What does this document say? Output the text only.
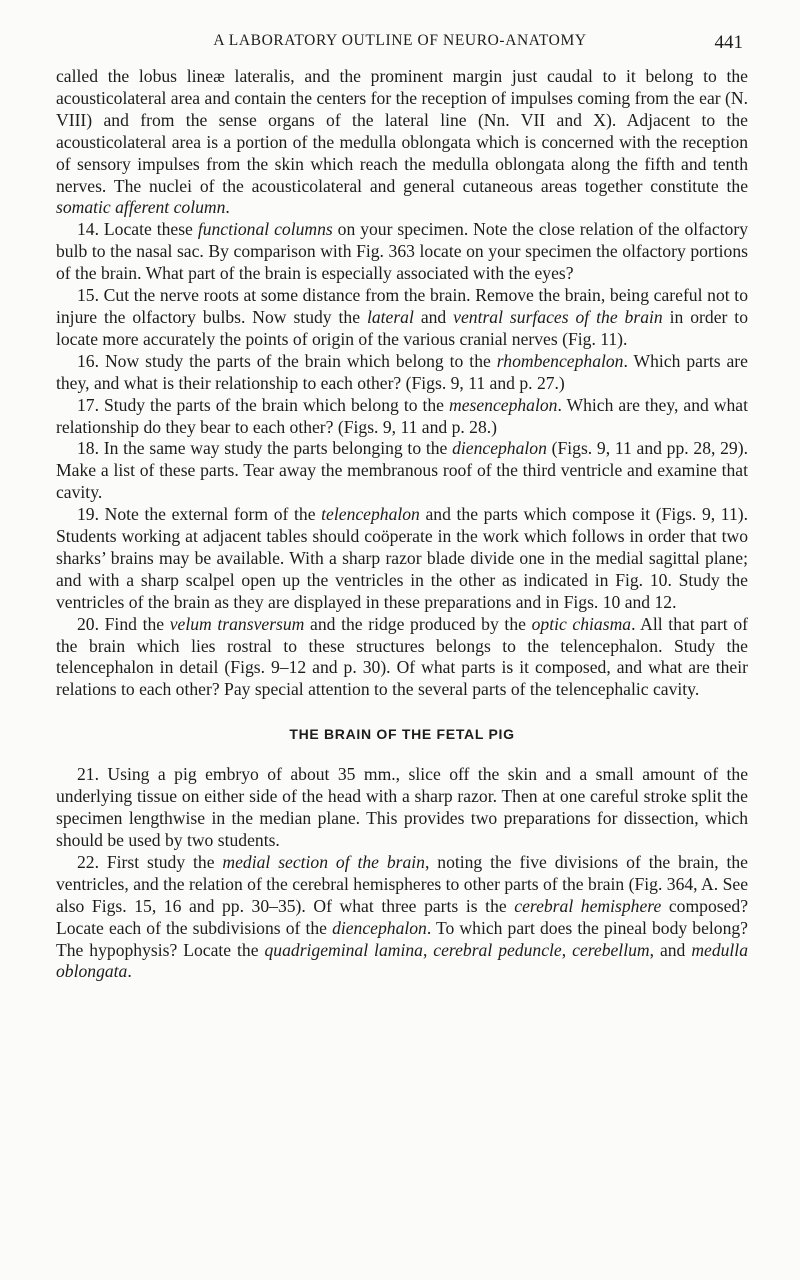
A LABORATORY OUTLINE OF NEURO-ANATOMY	441

called the lobus lineæ lateralis, and the prominent margin just caudal to it belong to the acousticolateral area and contain the centers for the reception of impulses coming from the ear (N. VIII) and from the sense organs of the lateral line (Nn. VII and X). Adjacent to the acousticolateral area is a portion of the medulla oblongata which is concerned with the reception of sensory impulses from the skin which reach the medulla oblongata along the fifth and tenth nerves. The nuclei of the acousticolateral and general cutaneous areas together constitute the somatic afferent column.

14. Locate these functional columns on your specimen. Note the close relation of the olfactory bulb to the nasal sac. By comparison with Fig. 363 locate on your specimen the olfactory portions of the brain. What part of the brain is especially associated with the eyes?

15. Cut the nerve roots at some distance from the brain. Remove the brain, being careful not to injure the olfactory bulbs. Now study the lateral and ventral surfaces of the brain in order to locate more accurately the points of origin of the various cranial nerves (Fig. 11).

16. Now study the parts of the brain which belong to the rhombencephalon. Which parts are they, and what is their relationship to each other? (Figs. 9, 11 and p. 27.)

17. Study the parts of the brain which belong to the mesencephalon. Which are they, and what relationship do they bear to each other? (Figs. 9, 11 and p. 28.)

18. In the same way study the parts belonging to the diencephalon (Figs. 9, 11 and pp. 28, 29). Make a list of these parts. Tear away the membranous roof of the third ventricle and examine that cavity.

19. Note the external form of the telencephalon and the parts which compose it (Figs. 9, 11). Students working at adjacent tables should coöperate in the work which follows in order that two sharks’ brains may be available. With a sharp razor blade divide one in the medial sagittal plane; and with a sharp scalpel open up the ventricles in the other as indicated in Fig. 10. Study the ventricles of the brain as they are displayed in these preparations and in Figs. 10 and 12.

20. Find the velum transversum and the ridge produced by the optic chiasma. All that part of the brain which lies rostral to these structures belongs to the telencephalon. Study the telencephalon in detail (Figs. 9–12 and p. 30). Of what parts is it composed, and what are their relations to each other? Pay special attention to the several parts of the telencephalic cavity.

THE BRAIN OF THE FETAL PIG

21. Using a pig embryo of about 35 mm., slice off the skin and a small amount of the underlying tissue on either side of the head with a sharp razor. Then at one careful stroke split the specimen lengthwise in the median plane. This provides two preparations for dissection, which should be used by two students.

22. First study the medial section of the brain, noting the five divisions of the brain, the ventricles, and the relation of the cerebral hemispheres to other parts of the brain (Fig. 364, A. See also Figs. 15, 16 and pp. 30–35). Of what three parts is the cerebral hemisphere composed? Locate each of the subdivisions of the diencephalon. To which part does the pineal body belong? The hypophysis? Locate the quadrigeminal lamina, cerebral peduncle, cerebellum, and medulla oblongata.
